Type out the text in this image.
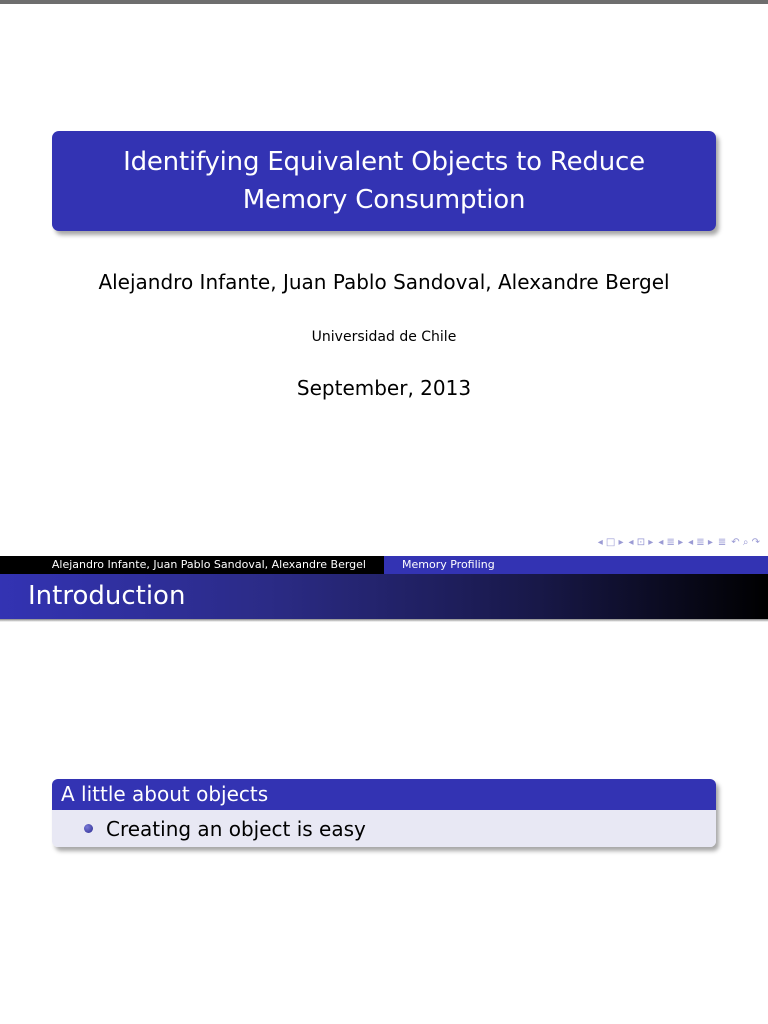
Identifying Equivalent Objects to Reduce Memory Consumption
Alejandro Infante, Juan Pablo Sandoval, Alexandre Bergel
Universidad de Chile
September, 2013
◂ □ ▸ ◂ ⊡ ▸ ◂ ≣ ▸ ◂ ≣ ▸ ≣ ↶ ⌕ ↷
Alejandro Infante, Juan Pablo Sandoval, Alexandre Bergel	Memory Profiling
Introduction
A little about objects
Creating an object is easy
